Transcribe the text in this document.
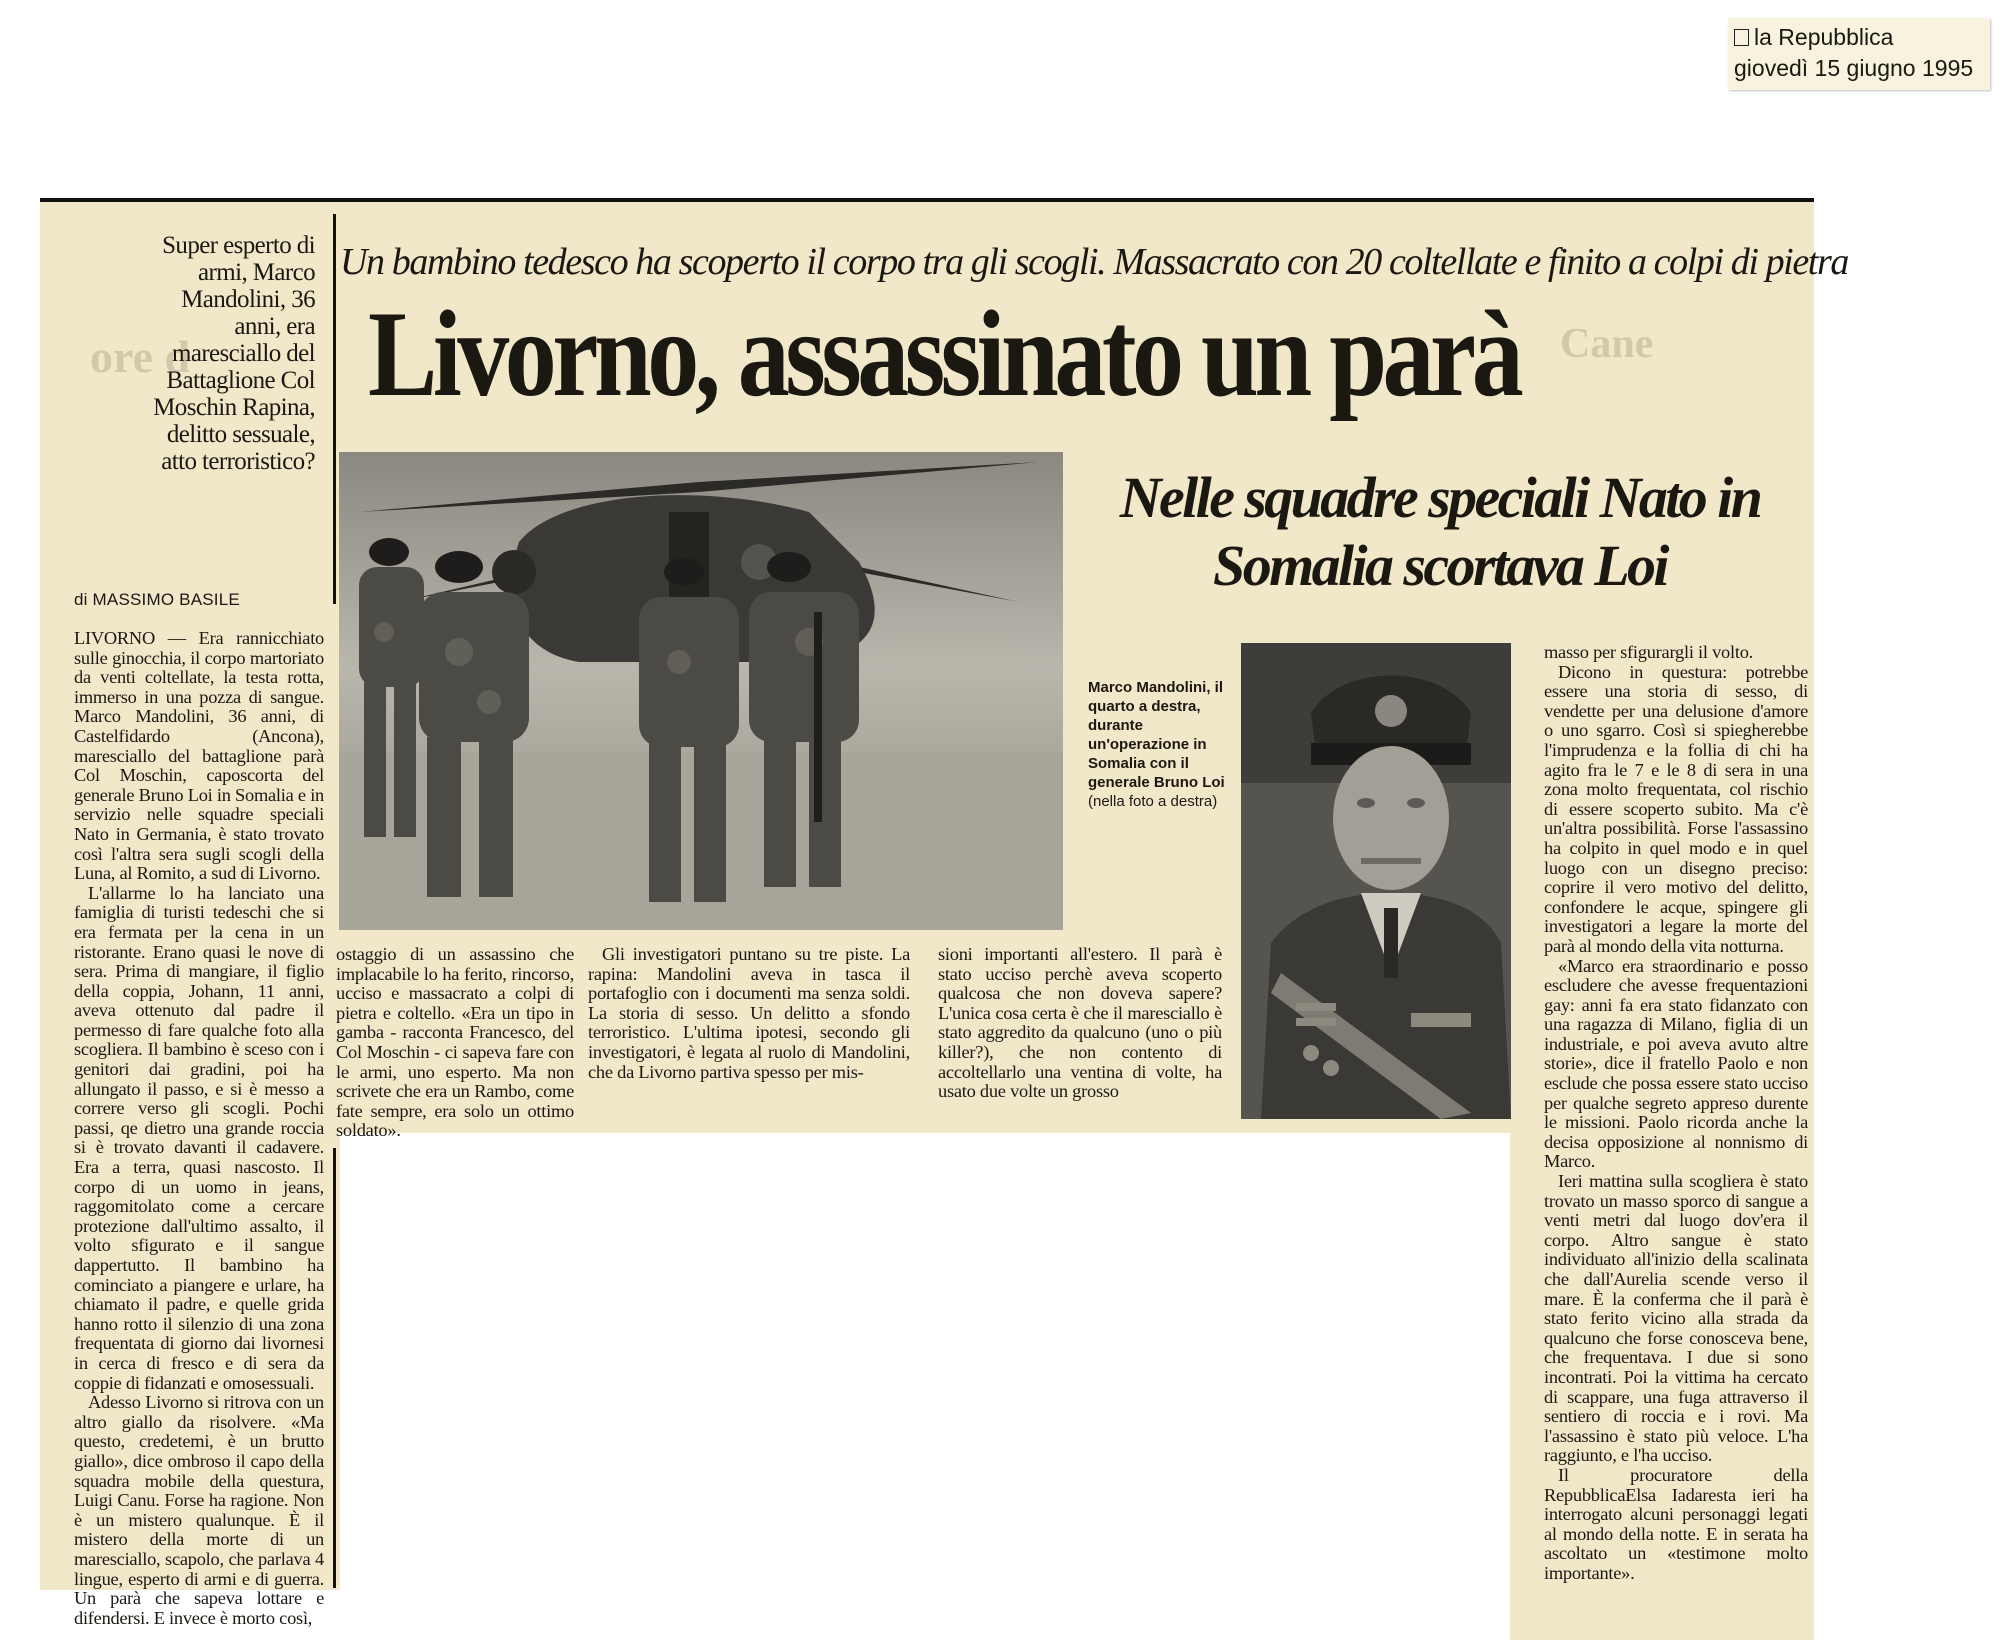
la Repubblica
giovedì 15 giugno 1995
ore d	Cane
Super esperto di armi, Marco Mandolini, 36 anni, era maresciallo del Battaglione Col Moschin Rapina, delitto sessuale, atto terroristico?
di MASSIMO BASILE
Un bambino tedesco ha scoperto il corpo tra gli scogli. Massacrato con 20 coltellate e finito a colpi di pietra
Livorno, assassinato un parà
Nelle squadre speciali Nato in Somalia scortava Loi
Marco Mandolini, il quarto a destra, durante un'operazione in Somalia con il generale Bruno Loi (nella foto a destra)

LIVORNO — Era rannicchiato sulle ginocchia, il corpo martoriato da venti coltellate, la testa rotta, immerso in una pozza di sangue. Marco Mandolini, 36 anni, di Castelfidardo (Ancona), maresciallo del battaglione parà Col Moschin, caposcorta del generale Bruno Loi in Somalia e in servizio nelle squadre speciali Nato in Germania, è stato trovato così l'altra sera sugli scogli della Luna, al Romito, a sud di Livorno.

L'allarme lo ha lanciato una famiglia di turisti tedeschi che si era fermata per la cena in un ristorante. Erano quasi le nove di sera. Prima di mangiare, il figlio della coppia, Johann, 11 anni, aveva ottenuto dal padre il permesso di fare qualche foto alla scogliera. Il bambino è sceso con i genitori dai gradini, poi ha allungato il passo, e si è messo a correre verso gli scogli. Pochi passi, qe dietro una grande roccia si è trovato davanti il cadavere. Era a terra, quasi nascosto. Il corpo di un uomo in jeans, raggomitolato come a cercare protezione dall'ultimo assalto, il volto sfigurato e il sangue dappertutto. Il bambino ha cominciato a piangere e urlare, ha chiamato il padre, e quelle grida hanno rotto il silenzio di una zona frequentata di giorno dai livornesi in cerca di fresco e di sera da coppie di fidanzati e omosessuali.

Adesso Livorno si ritrova con un altro giallo da risolvere. «Ma questo, credetemi, è un brutto giallo», dice ombroso il capo della squadra mobile della questura, Luigi Canu. Forse ha ragione. Non è un mistero qualunque. È il mistero della morte di un maresciallo, scapolo, che parlava 4 lingue, esperto di armi e di guerra. Un parà che sapeva lottare e difendersi. E invece è morto così,

ostaggio di un assassino che implacabile lo ha ferito, rincorso, ucciso e massacrato a colpi di pietra e coltello. «Era un tipo in gamba - racconta Francesco, del Col Moschin - ci sapeva fare con le armi, uno esperto. Ma non scrivete che era un Rambo, come fate sempre, era solo un ottimo soldato».

Gli investigatori puntano su tre piste. La rapina: Mandolini aveva in tasca il portafoglio con i documenti ma senza soldi. La storia di sesso. Un delitto a sfondo terroristico. L'ultima ipotesi, secondo gli investigatori, è legata al ruolo di Mandolini, che da Livorno partiva spesso per mis-

sioni importanti all'estero. Il parà è stato ucciso perchè aveva scoperto qualcosa che non doveva sapere? L'unica cosa certa è che il maresciallo è stato aggredito da qualcuno (uno o più killer?), che non contento di accoltellarlo una ventina di volte, ha usato due volte un grosso

masso per sfigurargli il volto.

Dicono in questura: potrebbe essere una storia di sesso, di vendette per una delusione d'amore o uno sgarro. Così si spiegherebbe l'imprudenza e la follia di chi ha agito fra le 7 e le 8 di sera in una zona molto frequentata, col rischio di essere scoperto subito. Ma c'è un'altra possibilità. Forse l'assassino ha colpito in quel modo e in quel luogo con un disegno preciso: coprire il vero motivo del delitto, confondere le acque, spingere gli investigatori a legare la morte del parà al mondo della vita notturna.

«Marco era straordinario e posso escludere che avesse frequentazioni gay: anni fa era stato fidanzato con una ragazza di Milano, figlia di un industriale, e poi aveva avuto altre storie», dice il fratello Paolo e non esclude che possa essere stato ucciso per qualche segreto appreso durente le missioni. Paolo ricorda anche la decisa opposizione al nonnismo di Marco.

Ieri mattina sulla scogliera è stato trovato un masso sporco di sangue a venti metri dal luogo dov'era il corpo. Altro sangue è stato individuato all'inizio della scalinata che dall'Aurelia scende verso il mare. È la conferma che il parà è stato ferito vicino alla strada da qualcuno che forse conosceva bene, che frequentava. I due si sono incontrati. Poi la vittima ha cercato di scappare, una fuga attraverso il sentiero di roccia e i rovi. Ma l'assassino è stato più veloce. L'ha raggiunto, e l'ha ucciso.

Il procuratore della RepubblicaElsa Iadaresta ieri ha interrogato alcuni personaggi legati al mondo della notte. E in serata ha ascoltato un «testimone molto importante».
